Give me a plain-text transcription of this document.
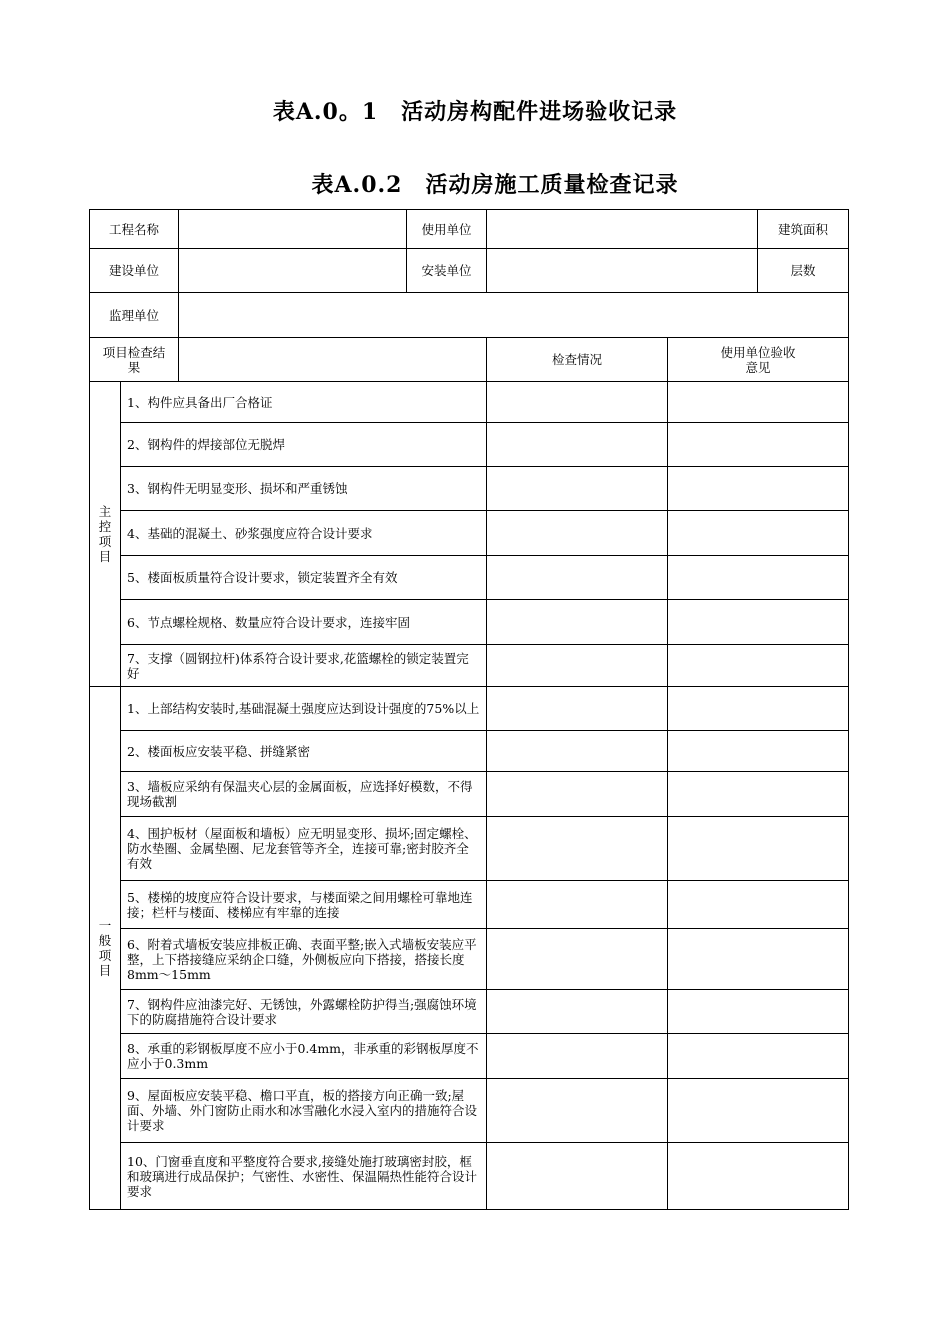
表A.0。1　活动房构配件进场验收记录
表A.0.2　活动房施工质量检查记录
工程名称			使用单位			建筑面积	
建设单位			安装单位			层数	
监理单位							
项目检查结果				检查情况	使用单位验收意见		
主控项目	1、构件应具备出厂合格证						
	2、钢构件的焊接部位无脱焊						
	3、钢构件无明显变形、损坏和严重锈蚀						
	4、基础的混凝土、砂浆强度应符合设计要求						
	5、楼面板质量符合设计要求，锁定装置齐全有效						
	6、节点螺栓规格、数量应符合设计要求，连接牢固						
	7、支撑（圆钢拉杆)体系符合设计要求,花篮螺栓的锁定装置完好						
一般项目	1、上部结构安装时,基础混凝土强度应达到设计强度的75%以上						
	2、楼面板应安装平稳、拼缝紧密						
	3、墙板应采纳有保温夹心层的金属面板，应选择好模数，不得现场截割						
	4、围护板材（屋面板和墙板）应无明显变形、损坏;固定螺栓、防水垫圈、金属垫圈、尼龙套管等齐全，连接可靠;密封胶齐全有效						
	5、楼梯的坡度应符合设计要求，与楼面梁之间用螺栓可靠地连接；栏杆与楼面、楼梯应有牢靠的连接						
	6、附着式墙板安装应排板正确、表面平整;嵌入式墙板安装应平整，上下搭接缝应采纳企口缝，外侧板应向下搭接，搭接长度8mm～15mm						
	7、钢构件应油漆完好、无锈蚀，外露螺栓防护得当;强腐蚀环境下的防腐措施符合设计要求						
	8、承重的彩钢板厚度不应小于0.4mm，非承重的彩钢板厚度不应小于0.3mm						
	9、屋面板应安装平稳、檐口平直，板的搭接方向正确一致;屋面、外墙、外门窗防止雨水和冰雪融化水浸入室内的措施符合设计要求						
	10、门窗垂直度和平整度符合要求,接缝处施打玻璃密封胶，框和玻璃进行成品保护；气密性、水密性、保温隔热性能符合设计要求						
